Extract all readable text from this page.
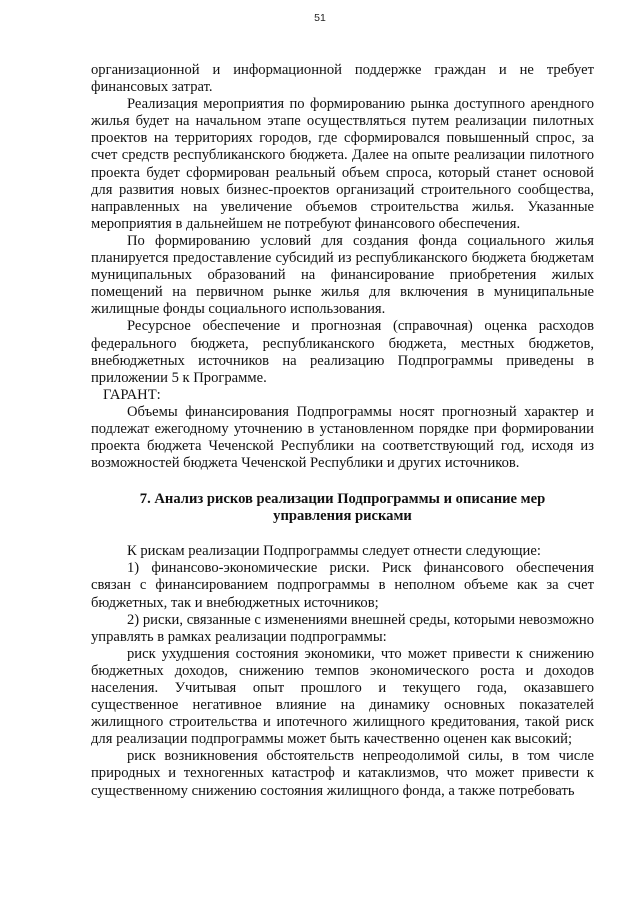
51

организационной и информационной поддержке граждан и не требует финансовых затрат.

Реализация мероприятия по формированию рынка доступного арендного жилья будет на начальном этапе осуществляться путем реализации пилотных проектов на территориях городов, где сформировался повышенный спрос, за счет средств республиканского бюджета. Далее на опыте реализации пилотного проекта будет сформирован реальный объем спроса, который станет основой для развития новых бизнес-проектов организаций строительного сообщества, направленных на увеличение объемов строительства жилья. Указанные мероприятия в дальнейшем не потребуют финансового обеспечения.

По формированию условий для создания фонда социального жилья планируется предоставление субсидий из республиканского бюджета бюджетам муниципальных образований на финансирование приобретения жилых помещений на первичном рынке жилья для включения в муниципальные жилищные фонды социального использования.

Ресурсное обеспечение и прогнозная (справочная) оценка расходов федерального бюджета, республиканского бюджета, местных бюджетов, внебюджетных источников на реализацию Подпрограммы приведены в приложении 5 к Программе.

ГАРАНТ:

Объемы финансирования Подпрограммы носят прогнозный характер и подлежат ежегодному уточнению в установленном порядке при формировании проекта бюджета Чеченской Республики на соответствующий год, исходя из возможностей бюджета Чеченской Республики и других источников.

7. Анализ рисков реализации Подпрограммы и описание мер
управления рисками

К рискам реализации Подпрограммы следует отнести следующие:

1) финансово-экономические риски. Риск финансового обеспечения связан с финансированием подпрограммы в неполном объеме как за счет бюджетных, так и внебюджетных источников;

2) риски, связанные с изменениями внешней среды, которыми невозможно управлять в рамках реализации подпрограммы:

риск ухудшения состояния экономики, что может привести к снижению бюджетных доходов, снижению темпов экономического роста и доходов населения. Учитывая опыт прошлого и текущего года, оказавшего существенное негативное влияние на динамику основных показателей жилищного строительства и ипотечного жилищного кредитования, такой риск для реализации подпрограммы может быть качественно оценен как высокий;

риск возникновения обстоятельств непреодолимой силы, в том числе природных и техногенных катастроф и катаклизмов, что может привести к существенному снижению состояния жилищного фонда, а также потребовать
